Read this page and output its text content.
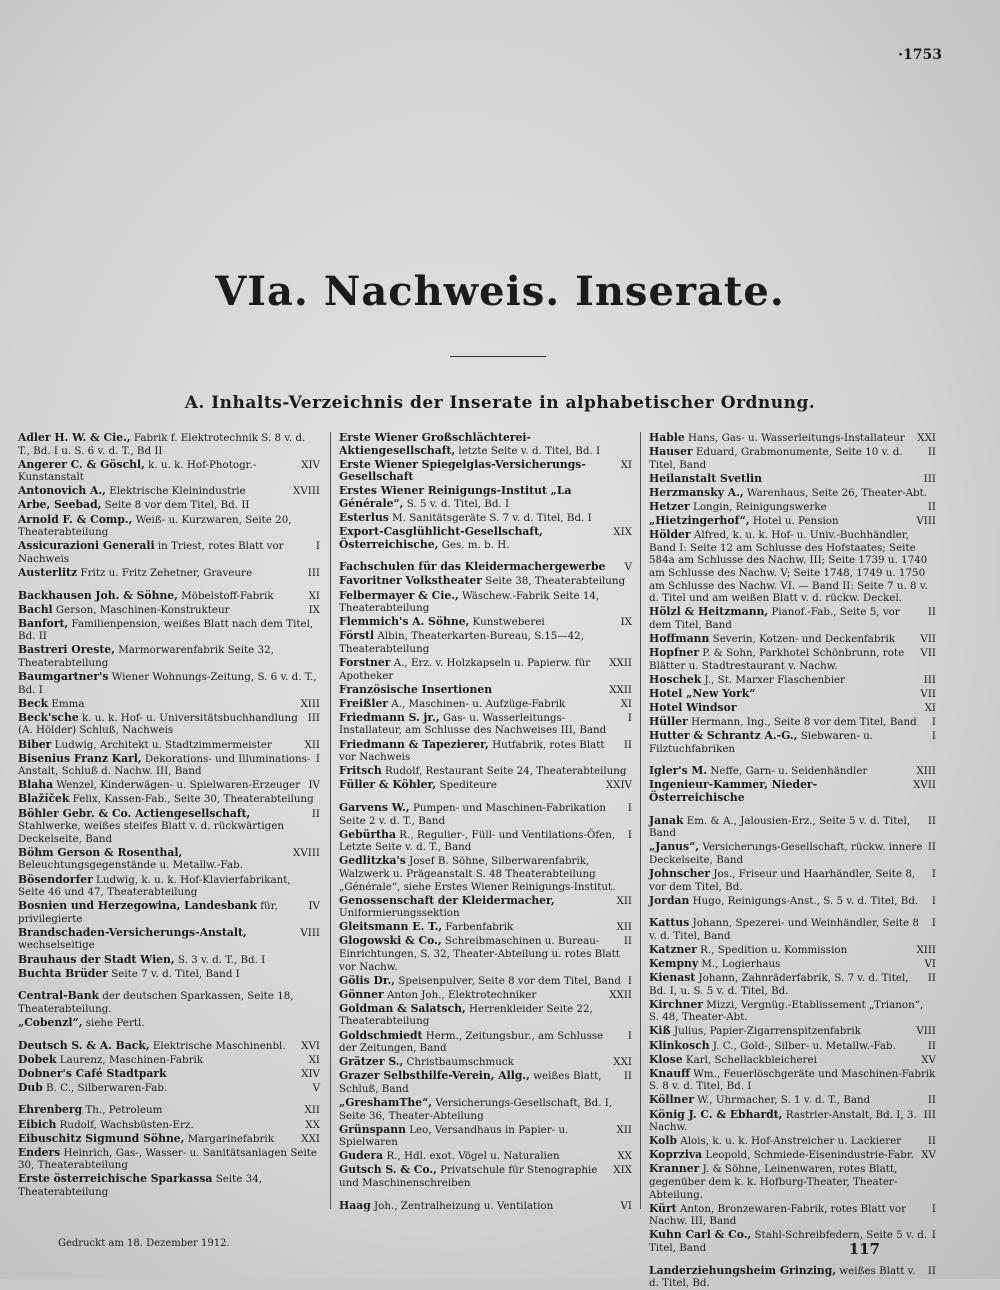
·1753
VIa. Nachweis. Inserate.
A. Inhalts-Verzeichnis der Inserate in alphabetischer Ordnung.
Adler H. W. & Cie., Fabrik f. Elektrotechnik S. 8 v. d. T., Bd. I u. S. 6 v. d. T., Bd II
XIV
Angerer C. & Göschl, k. u. k. Hof-Photogr.-Kunstanstalt
XVIII
Antonovich A., Elektrische Kleinindustrie
Arbe, Seebad, Seite 8 vor dem Titel, Bd. II
Arnold F. & Comp., Weiß- u. Kurzwaren, Seite 20, Theaterabteilung
I
Assicurazioni Generali in Triest, rotes Blatt vor Nachweis
III
Austerlitz Fritz u. Fritz Zehetner, Graveure
XI
Backhausen Joh. & Söhne, Möbelstoff-Fabrik
IX
Bachl Gerson, Maschinen-Konstrukteur
Banfort, Familienpension, weißes Blatt nach dem Titel, Bd. II
Bastreri Oreste, Marmorwarenfabrik Seite 32, Theaterabteilung
Baumgartner's Wiener Wohnungs-Zeitung, S. 6 v. d. T., Bd. I
XIII
Beck Emma
III
Beck'sche k. u. k. Hof- u. Universitätsbuchhandlung (A. Hölder) Schluß, Nachweis
XII
Biber Ludwig, Architekt u. Stadtzimmermeister
I
Bisenius Franz Karl, Dekorations- und Illuminations-Anstalt, Schluß d. Nachw. III, Band
IV
Blaha Wenzel, Kinderwägen- u. Spielwaren-Erzeuger
Blažíček Felix, Kassen-Fab., Seite 30, Theaterabteilung
II
Böhler Gebr. & Co. Actiengesellschaft, Stahlwerke, weißes steifes Blatt v. d. rückwärtigen Deckelseite, Band
XVIII
Böhm Gerson & Rosenthal, Beleuchtungsgegenstände u. Metallw.-Fab.
Bösendorfer Ludwig, k. u. k. Hof-Klavierfabrikant, Seite 46 und 47, Theaterabteilung
IV
Bosnien und Herzegowina, Landesbank für, privilegierte
VIII
Brandschaden-Versicherungs-Anstalt, wechselseitige
Brauhaus der Stadt Wien, S. 3 v. d. T., Bd. I
Buchta Brüder Seite 7 v. d. Titel, Band I
Central-Bank der deutschen Sparkassen, Seite 18, Theaterabteilung.
„Cobenzl“, siehe Pertl.
XVI
Deutsch S. & A. Back, Elektrische Maschinenbl.
XI
Dobek Laurenz, Maschinen-Fabrik
XIV
Dobner's Café Stadtpark
V
Dub B. C., Silberwaren-Fab.
XII
Ehrenberg Th., Petroleum
XX
Eibich Rudolf, Wachsbüsten-Erz.
XXI
Eibuschitz Sigmund Söhne, Margarinefabrik
Enders Heinrich, Gas-, Wasser- u. Sanitätsanlagen Seite 30, Theaterabteilung
Erste österreichische Sparkassa Seite 34, Theaterabteilung
Erste Wiener Großschlächterei-Aktiengesellschaft, letzte Seite v. d. Titel, Bd. I
XI
Erste Wiener Spiegelglas-Versicherungs-Gesellschaft
Erstes Wiener Reinigungs-Institut „La Générale“, S. 5 v. d. Titel, Bd. I
Esterlus M. Sanitätsgeräte S. 7 v. d. Titel, Bd. I
XIX
Export-Casglühlicht-Gesellschaft, Österreichische, Ges. m. b. H.
V
Fachschulen für das Kleidermachergewerbe
Favoritner Volkstheater Seite 38, Theaterabteilung
Felbermayer & Cie., Wäschew.-Fabrik Seite 14, Theaterabteilung
IX
Flemmich's A. Söhne, Kunstweberei
Förstl Albin, Theaterkarten-Bureau, S.15—42, Theaterabteilung
XXII
Forstner A., Erz. v. Holzkapseln u. Papierw. für Apotheker
XXII
Französische Insertionen
XI
Freißler A., Maschinen- u. Aufzüge-Fabrik
I
Friedmann S. jr., Gas- u. Wasserleitungs-Installateur, am Schlusse des Nachweises III, Band
II
Friedmann & Tapezierer, Hutfabrik, rotes Blatt vor Nachweis
Fritsch Rudolf, Restaurant Seite 24, Theaterabteilung
XXIV
Füller & Köhler, Spediteure
I
Garvens W., Pumpen- und Maschinen-Fabrikation Seite 2 v. d. T., Band
I
Gebürtha R., Regulier-, Füll- und Ventilations-Öfen, Letzte Seite v. d. T., Band
Gedlitzka's Josef B. Söhne, Silberwarenfabrik, Walzwerk u. Prägeanstalt S. 48 Theaterabteilung „Générale“, siehe Erstes Wiener Reinigungs-Institut.
XII
Genossenschaft der Kleidermacher, Uniformierungssektion
XII
Gleitsmann E. T., Farbenfabrik
II
Glogowski & Co., Schreibmaschinen u. Bureau-Einrichtungen, S. 32, Theater-Abteilung u. rotes Blatt vor Nachw.
I
Gölis Dr., Speisenpulver, Seite 8 vor dem Titel, Band
XXII
Gönner Anton Joh., Elektrotechniker
Goldman & Salatsch, Herrenkleider Seite 22, Theaterabteilung
I
Goldschmiedt Herm., Zeitungsbur., am Schlusse der Zeitungen, Band
XXI
Grätzer S., Christbaumschmuck
II
Grazer Selbsthilfe-Verein, Allg., weißes Blatt, Schluß, Band
„GreshamThe“, Versicherungs-Gesellschaft, Bd. I, Seite 36, Theater-Abteilung
XII
Grünspann Leo, Versandhaus in Papier- u. Spielwaren
XX
Gudera R., Hdl. exot. Vögel u. Naturalien
XIX
Gutsch S. & Co., Privatschule für Stenographie und Maschinenschreiben
VI
Haag Joh., Zentralheizung u. Ventilation
XXI
Hable Hans, Gas- u. Wasserleitungs-Installateur
II
Hauser Eduard, Grabmonumente, Seite 10 v. d. Titel, Band
III
Heilanstalt Svetlin
Herzmansky A., Warenhaus, Seite 26, Theater-Abt.
II
Hetzer Longin, Reinigungswerke
VIII
„Hietzingerhof“, Hotel u. Pension
Hölder Alfred, k. u. k. Hof- u. Univ.-Buchhändler, Band I: Seite 12 am Schlusse des Hofstaates; Seite 584a am Schlusse des Nachw. III; Seite 1739 u. 1740 am Schlusse des Nachw. V; Seite 1748, 1749 u. 1750 am Schlusse des Nachw. VI. — Band II: Seite 7 u. 8 v. d. Titel und am weißen Blatt v. d. rückw. Deckel.
II
Hölzl & Heitzmann, Pianof.-Fab., Seite 5, vor dem Titel, Band
VII
Hoffmann Severin, Kotzen- und Deckenfabrik
VII
Hopfner P. & Sohn, Parkhotel Schönbrunn, rote Blätter u. Stadtrestaurant v. Nachw.
III
Hoschek J., St. Marxer Flaschenbier
VII
Hotel „New York“
XI
Hotel Windsor
I
Hüller Hermann, Ing., Seite 8 vor dem Titel, Band
I
Hutter & Schrantz A.-G., Siebwaren- u. Filztuchfabriken
XIII
Igler's M. Neffe, Garn- u. Seidenhändler
XVII
Ingenieur-Kammer, Nieder-Österreichische
II
Janak Em. & A., Jalousien-Erz., Seite 5 v. d. Titel, Band
II
„Janus“, Versicherungs-Gesellschaft, rückw. innere Deckelseite, Band
I
Johnscher Jos., Friseur und Haarhändler, Seite 8, vor dem Titel, Bd.
I
Jordan Hugo, Reinigungs-Anst., S. 5 v. d. Titel, Bd.
I
Kattus Johann, Spezerei- und Weinhändler, Seite 8 v. d. Titel, Band
XIII
Katzner R., Spedition u. Kommission
VI
Kempny M., Logierhaus
II
Kienast Johann, Zahnräderfabrik, S. 7 v. d. Titel, Bd. I, u. S. 5 v. d. Titel, Bd.
Kirchner Mizzi, Vergnüg.-Etablissement „Trianon“, S. 48, Theater-Abt.
VIII
Kiß Julius, Papier-Zigarrenspitzenfabrik
II
Klinkosch J. C., Gold-, Silber- u. Metallw.-Fab.
XV
Klose Karl, Schellackbleicherei
Knauff Wm., Feuerlöschgeräte und Maschinen-Fabrik S. 8 v. d. Titel, Bd. I
II
Köllner W., Uhrmacher, S. 1 v. d. T., Band
III
König J. C. & Ebhardt, Rastrier-Anstalt, Bd. I, 3. Nachw.
II
Kolb Alois, k. u. k. Hof-Anstreicher u. Lackierer
XV
Koprziva Leopold, Schmiede-Eisenindustrie-Fabr.
Kranner J. & Söhne, Leinenwaren, rotes Blatt, gegenüber dem k. k. Hofburg-Theater, Theater-Abteilung.
I
Kürt Anton, Bronzewaren-Fabrik, rotes Blatt vor Nachw. III, Band
I
Kuhn Carl & Co., Stahl-Schreibfedern, Seite 5 v. d. Titel, Band
II
Landerziehungsheim Grinzing, weißes Blatt v. d. Titel, Bd.
Gedruckt am 18. Dezember 1912.	117
